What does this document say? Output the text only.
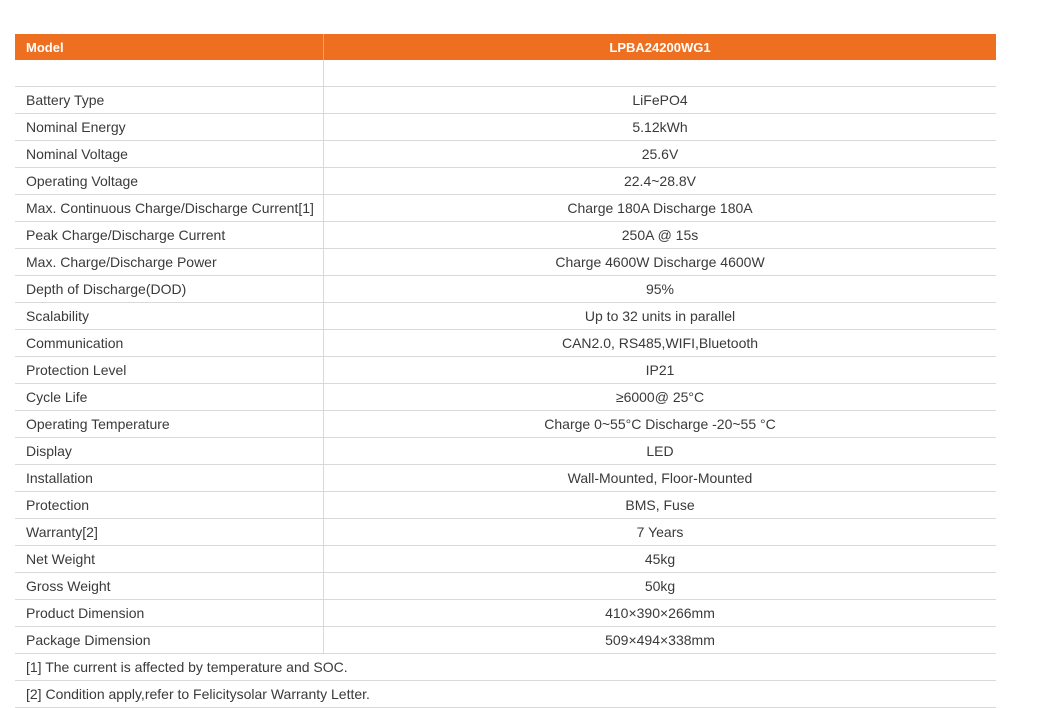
Model	LPBA24200WG1
Battery Type	LiFePO4
Nominal Energy	5.12kWh
Nominal Voltage	25.6V
Operating Voltage	22.4~28.8V
Max. Continuous Charge/Discharge Current[1]	Charge 180A Discharge 180A
Peak Charge/Discharge Current	250A @ 15s
Max. Charge/Discharge Power	Charge 4600W Discharge 4600W
Depth of Discharge(DOD)	95%
Scalability	Up to 32 units in parallel
Communication	CAN2.0, RS485,WIFI,Bluetooth
Protection Level	IP21
Cycle Life	≥6000@ 25°C
Operating Temperature	Charge 0~55°C Discharge -20~55 °C
Display	LED
Installation	Wall-Mounted, Floor-Mounted
Protection	BMS, Fuse
Warranty[2]	7 Years
Net Weight	45kg
Gross Weight	50kg
Product Dimension	410×390×266mm
Package Dimension	509×494×338mm
[1] The current is affected by temperature and SOC.
[2] Condition apply,refer to Felicitysolar Warranty Letter.
